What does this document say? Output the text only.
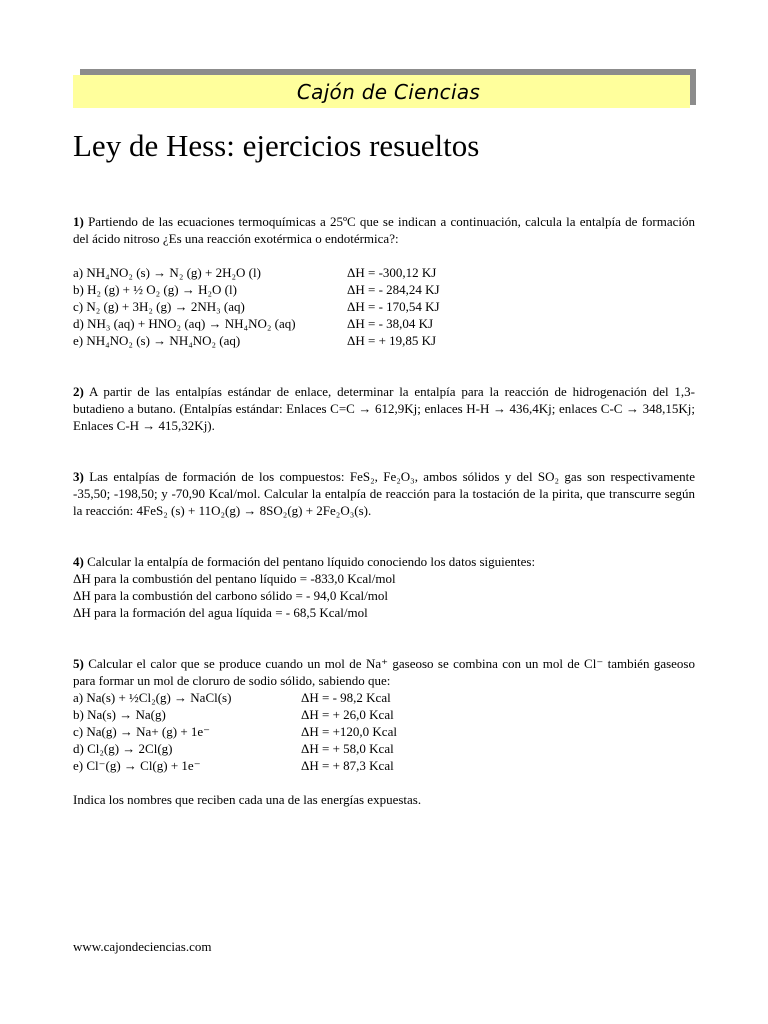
Cajón de Ciencias
Ley de Hess: ejercicios resueltos

1) Partiendo de las ecuaciones termoquímicas a 25ºC que se indican a continuación, calcula la entalpía de formación del ácido nitroso ¿Es una reacción exotérmica o endotérmica?:

a) NH₄NO₂ (s) → N₂ (g) + 2H₂O (l)	ΔH = -300,12 KJ
b) H₂ (g) + ½ O₂ (g) → H₂O (l)	ΔH = - 284,24 KJ
c) N₂ (g) + 3H₂ (g) → 2NH₃ (aq)	ΔH = - 170,54 KJ
d) NH₃ (aq) + HNO₂ (aq) → NH₄NO₂ (aq)	ΔH = - 38,04 KJ
e) NH₄NO₂ (s) → NH₄NO₂ (aq)	ΔH = + 19,85 KJ

2) A partir de las entalpías estándar de enlace, determinar la entalpía para la reacción de hidrogenación del 1,3-butadieno a butano. (Entalpías estándar: Enlaces C=C → 612,9Kj; enlaces H-H → 436,4Kj; enlaces C-C → 348,15Kj; Enlaces C-H → 415,32Kj).

3) Las entalpías de formación de los compuestos: FeS₂, Fe₂O₃, ambos sólidos y del SO₂ gas son respectivamente -35,50; -198,50; y -70,90 Kcal/mol. Calcular la entalpía de reacción para la tostación de la pirita, que transcurre según la reacción: 4FeS₂ (s) + 11O₂(g) → 8SO₂(g) + 2Fe₂O₃(s).

4) Calcular la entalpía de formación del pentano líquido conociendo los datos siguientes:

ΔH para la combustión del pentano líquido = -833,0 Kcal/mol
ΔH para la combustión del carbono sólido = - 94,0 Kcal/mol
ΔH para la formación del agua líquida = - 68,5 Kcal/mol

5) Calcular el calor que se produce cuando un mol de Na⁺ gaseoso se combina con un mol de Cl⁻ también gaseoso para formar un mol de cloruro de sodio sólido, sabiendo que:

a) Na(s) + ½Cl₂(g) → NaCl(s)	ΔH = - 98,2 Kcal
b) Na(s) → Na(g)	ΔH = + 26,0 Kcal
c) Na(g) → Na+ (g) + 1e⁻	ΔH = +120,0 Kcal
d) Cl₂(g) → 2Cl(g)	ΔH = + 58,0 Kcal
e) Cl⁻(g) → Cl(g) + 1e⁻	ΔH = + 87,3 Kcal

Indica los nombres que reciben cada una de las energías expuestas.

www.cajondeciencias.com
